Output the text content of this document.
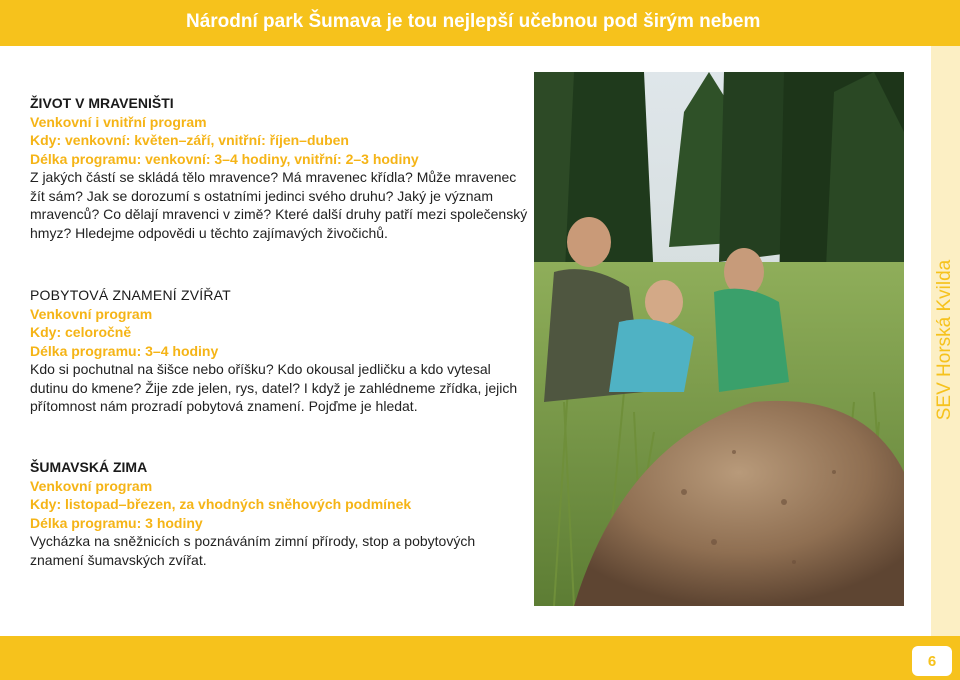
Národní park Šumava je tou nejlepší učebnou pod širým nebem
SEV Horská Kvilda
ŽIVOT V MRAVENIŠTI
Venkovní i vnitřní program
Kdy: venkovní: květen–září, vnitřní: říjen–duben
Délka programu: venkovní: 3–4 hodiny, vnitřní: 2–3 hodiny
Z jakých částí se skládá tělo mravence? Má mravenec křídla? Může mravenec žít sám? Jak se dorozumí s ostatními jedinci svého druhu? Jaký je význam mravenců? Co dělají mravenci v zimě? Které další druhy patří mezi společenský hmyz? Hledejme odpovědi u těchto zajímavých živočichů.
POBYTOVÁ ZNAMENÍ ZVÍŘAT
Venkovní program
Kdy: celoročně
Délka programu: 3–4 hodiny
Kdo si pochutnal na šišce nebo oříšku? Kdo okousal jedličku a kdo vytesal dutinu do kmene? Žije zde jelen, rys, datel? I když je zahlédneme zřídka, jejich přítomnost nám prozradí pobytová znamení. Pojďme je hledat.
ŠUMAVSKÁ ZIMA
Venkovní program
Kdy: listopad–březen, za vhodných sněhových podmínek
Délka programu: 3 hodiny
Vycházka na sněžnicích s poznáváním zimní přírody, stop a pobytových znamení šumavských zvířat.
6
